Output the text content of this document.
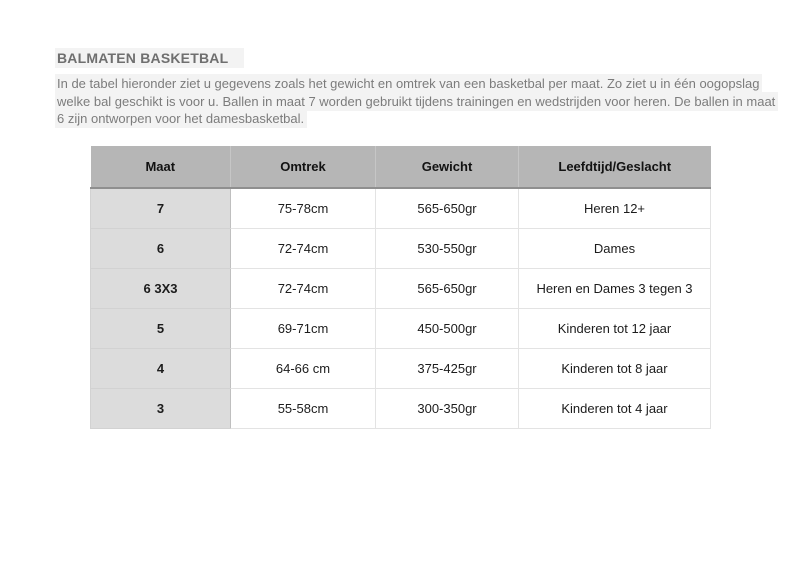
BALMATEN BASKETBAL
In de tabel hieronder ziet u gegevens zoals het gewicht en omtrek van een basketbal per maat. Zo ziet u in één oogopslag
welke bal geschikt is voor u. Ballen in maat 7 worden gebruikt tijdens trainingen en wedstrijden voor heren. De ballen in maat
6 zijn ontworpen voor het damesbasketbal.
Maat	Omtrek	Gewicht	Leefdtijd/Geslacht
7	75-78cm	565-650gr	Heren 12+
6	72-74cm	530-550gr	Dames
6 3X3	72-74cm	565-650gr	Heren en Dames 3 tegen 3
5	69-71cm	450-500gr	Kinderen tot 12 jaar
4	64-66 cm	375-425gr	Kinderen tot 8 jaar
3	55-58cm	300-350gr	Kinderen tot 4 jaar
